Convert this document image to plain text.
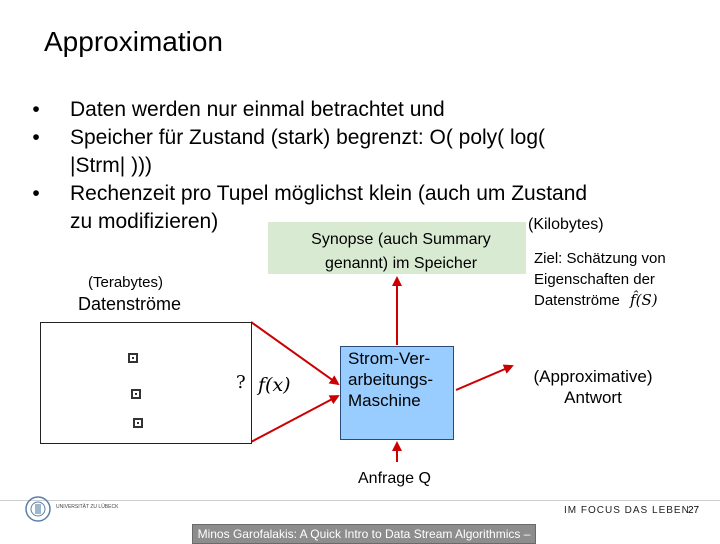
Approximation
•	Daten werden nur einmal betrachtet und
•	Speicher für Zustand (stark) begrenzt: O( poly( log(
|Strm| )))
•	Rechenzeit pro Tupel möglichst klein (auch um Zustand
zu modifizieren)
Synopse (auch Summary
genannt) im Speicher
(Kilobytes)
Ziel: Schätzung von
Eigenschaften der
Datenströme f̂(S)
(Terabytes)
Datenströme
? f(x)
Strom-Ver-
arbeitungs-
Maschine
(Approximative)
Antwort
Anfrage Q
UNIVERSITÄT ZU LÜBECK	IM FOCUS DAS LEBEN
27
Minos Garofalakis: A Quick Intro to Data Stream Algorithmics –
